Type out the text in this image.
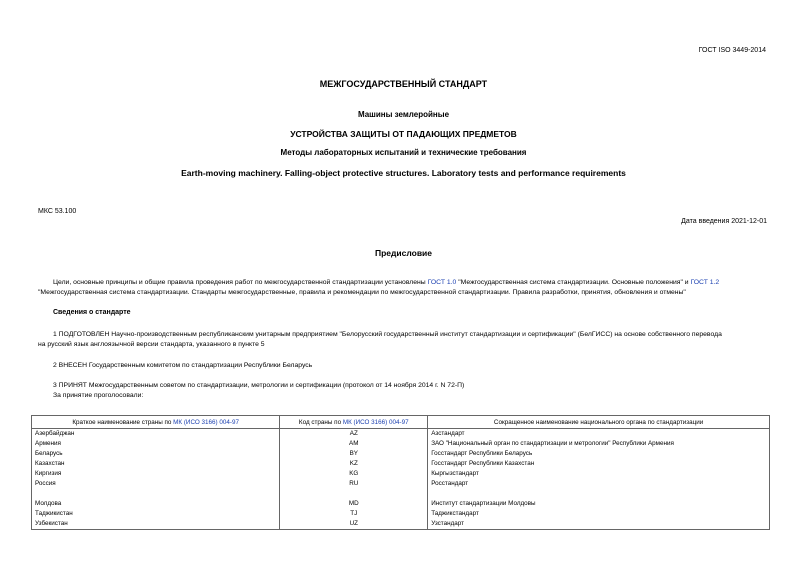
ГОСТ ISO 3449-2014
МЕЖГОСУДАРСТВЕННЫЙ СТАНДАРТ
Машины землеройные
УСТРОЙСТВА ЗАЩИТЫ ОТ ПАДАЮЩИХ ПРЕДМЕТОВ
Методы лабораторных испытаний и технические требования
Earth-moving machinery. Falling-object protective structures. Laboratory tests and performance requirements
МКС 53.100
Дата введения 2021-12-01
Предисловие
Цели, основные принципы и общие правила проведения работ по межгосударственной стандартизации установлены ГОСТ 1.0 "Межгосударственная система стандартизации. Основные положения" и ГОСТ 1.2
"Межгосударственная система стандартизации. Стандарты межгосударственные, правила и рекомендации по межгосударственной стандартизации. Правила разработки, принятия, обновления и отмены"
Сведения о стандарте
1 ПОДГОТОВЛЕН Научно-производственным республиканским унитарным предприятием "Белорусский государственный институт стандартизации и сертификации" (БелГИСС) на основе собственного перевода
на русский язык англоязычной версии стандарта, указанного в пункте 5
2 ВНЕСЕН Государственным комитетом по стандартизации Республики Беларусь
3 ПРИНЯТ Межгосударственным советом по стандартизации, метрологии и сертификации (протокол от 14 ноября 2014 г. N 72-П)
За принятие проголосовали:
Краткое наименование страны по МК (ИСО 3166) 004-97	Код страны по МК (ИСО 3166) 004-97	Сокращенное наименование национального органа по стандартизации
Азербайджан	AZ	Азстандарт
Армения	AM	ЗАО "Национальный орган по стандартизации и метрологии" Республики Армения
Беларусь	BY	Госстандарт Республики Беларусь
Казахстан	KZ	Госстандарт Республики Казахстан
Киргизия	KG	Кыргызстандарт
Россия	RU	Росстандарт

Молдова	MD	Институт стандартизации Молдовы
Таджикистан	TJ	Таджикстандарт
Узбекистан	UZ	Узстандарт
